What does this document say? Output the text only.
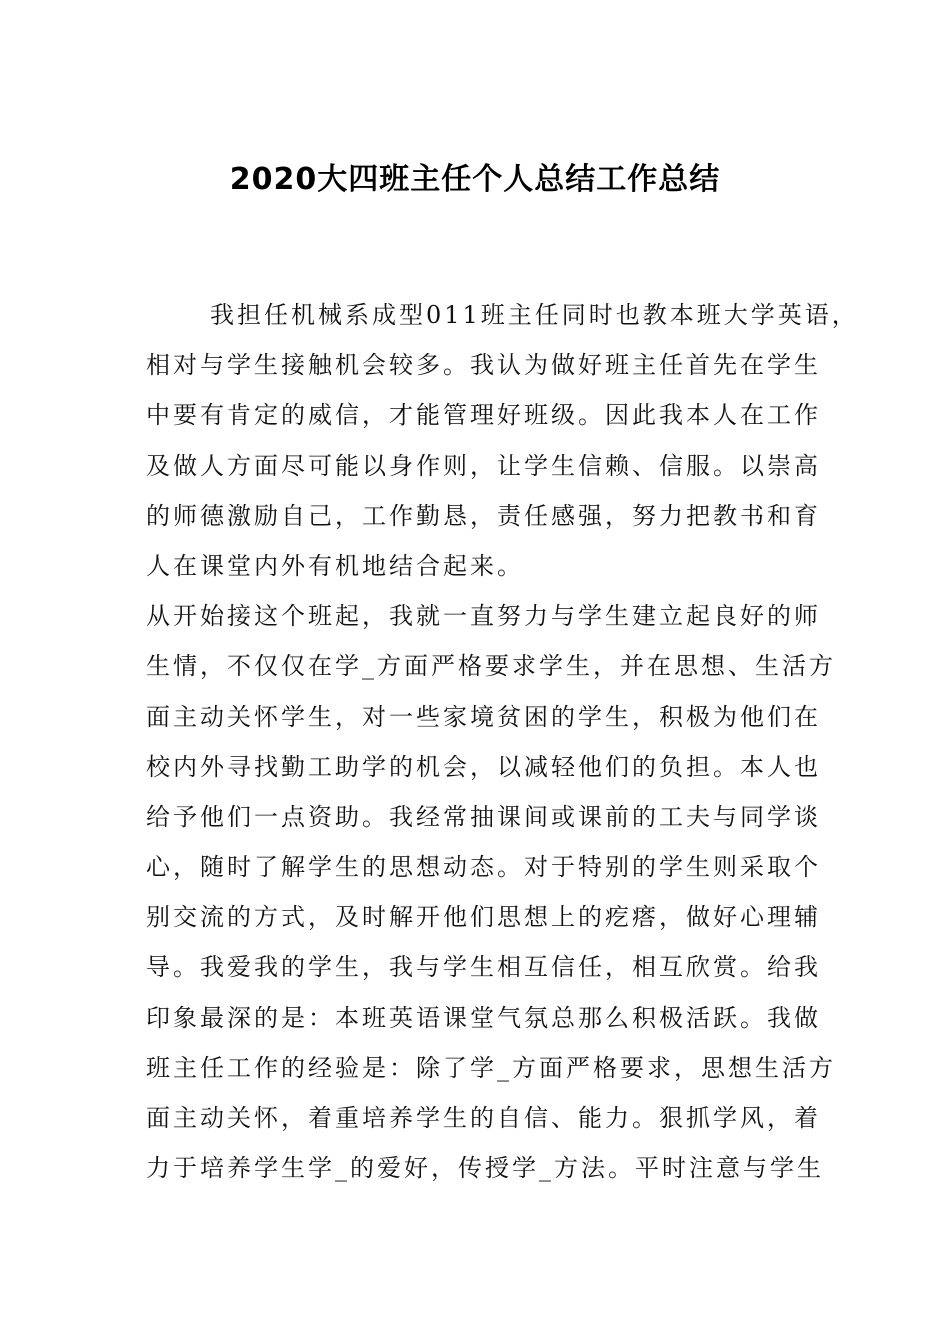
2020大四班主任个人总结工作总结
我担任机械系成型011班主任同时也教本班大学英语，
相对与学生接触机会较多。我认为做好班主任首先在学生
中要有肯定的威信，才能管理好班级。因此我本人在工作
及做人方面尽可能以身作则，让学生信赖、信服。以崇高
的师德激励自己，工作勤恳，责任感强，努力把教书和育
人在课堂内外有机地结合起来。
从开始接这个班起，我就一直努力与学生建立起良好的师
生情，不仅仅在学_方面严格要求学生，并在思想、生活方
面主动关怀学生，对一些家境贫困的学生，积极为他们在
校内外寻找勤工助学的机会，以减轻他们的负担。本人也
给予他们一点资助。我经常抽课间或课前的工夫与同学谈
心，随时了解学生的思想动态。对于特别的学生则采取个
别交流的方式，及时解开他们思想上的疙瘩，做好心理辅
导。我爱我的学生，我与学生相互信任，相互欣赏。给我
印象最深的是：本班英语课堂气氛总那么积极活跃。我做
班主任工作的经验是：除了学_方面严格要求，思想生活方
面主动关怀，着重培养学生的自信、能力。狠抓学风，着
力于培养学生学_的爱好，传授学_方法。平时注意与学生
